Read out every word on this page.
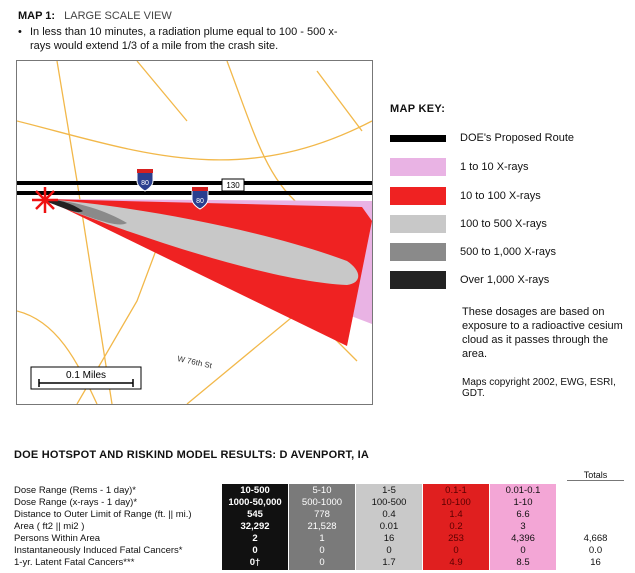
MAP 1: LARGE SCALE VIEW
• In less than 10 minutes, a radiation plume equal to 100 - 500 x-rays would extend 1/3 of a mile from the crash site.
80
80
130
W 76th St
0.1 Miles
MAP KEY:
DOE's Proposed Route
1 to 10 X-rays
10 to 100 X-rays
100 to 500 X-rays
500 to 1,000 X-rays
Over 1,000 X-rays
These dosages are based on exposure to a radioactive cesium cloud as it passes through the area.
Maps copyright 2002, EWG, ESRI, GDT.
DOE HOTSPOT AND RISKIND MODEL RESULTS: D AVENPORT, IA
Totals
Dose Range (Rems - 1 day)*
Dose Range (x-rays - 1 day)*
Distance to Outer Limit of Range (ft. || mi.)
Area ( ft2 || mi2 )
Persons Within Area
Instantaneously Induced Fatal Cancers*
1-yr. Latent Fatal Cancers***
10-500
1000-50,000
545
32,292
2
0
0†
5-10
500-1000
778
21,528
1
0
0
1-5
100-500
0.4
0.01
16
0
1.7
0.1-1
10-100
1.4
0.2
253
0
4.9
0.01-0.1
1-10
6.6
3
4,396
0
8.5
4,668
0.0
16
